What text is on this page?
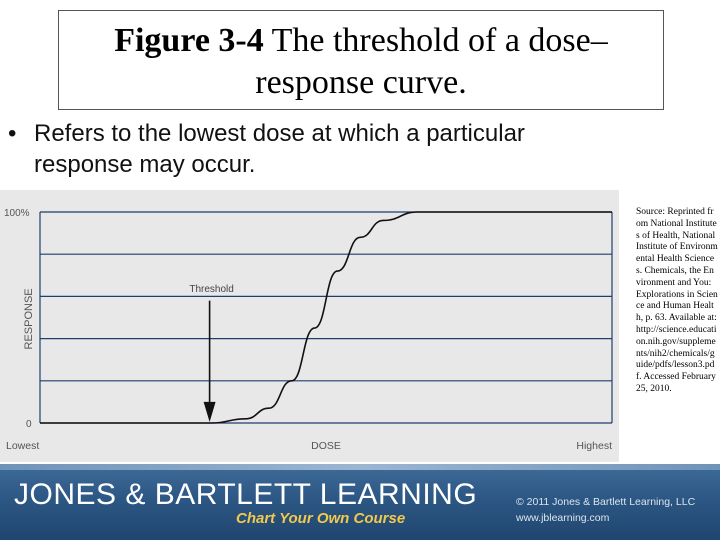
Figure 3-4 The threshold of a dose–response curve.
• Refers to the lowest dose at which a particular response may occur.
100%
0
RESPONSE
Lowest	Highest
DOSE
Threshold
Source: Reprinted from National Institutes of Health, National Institute of Environmental Health Sciences. Chemicals, the Environment and You: Explorations in Science and Human Health, p. 63. Available at: http://science.education.nih.gov/supplements/nih2/chemicals/guide/pdfs/lesson3.pdf. Accessed February 25, 2010.
JONES & BARTLETT LEARNING
Chart Your Own Course
© 2011 Jones & Bartlett Learning, LLC
www.jblearning.com
